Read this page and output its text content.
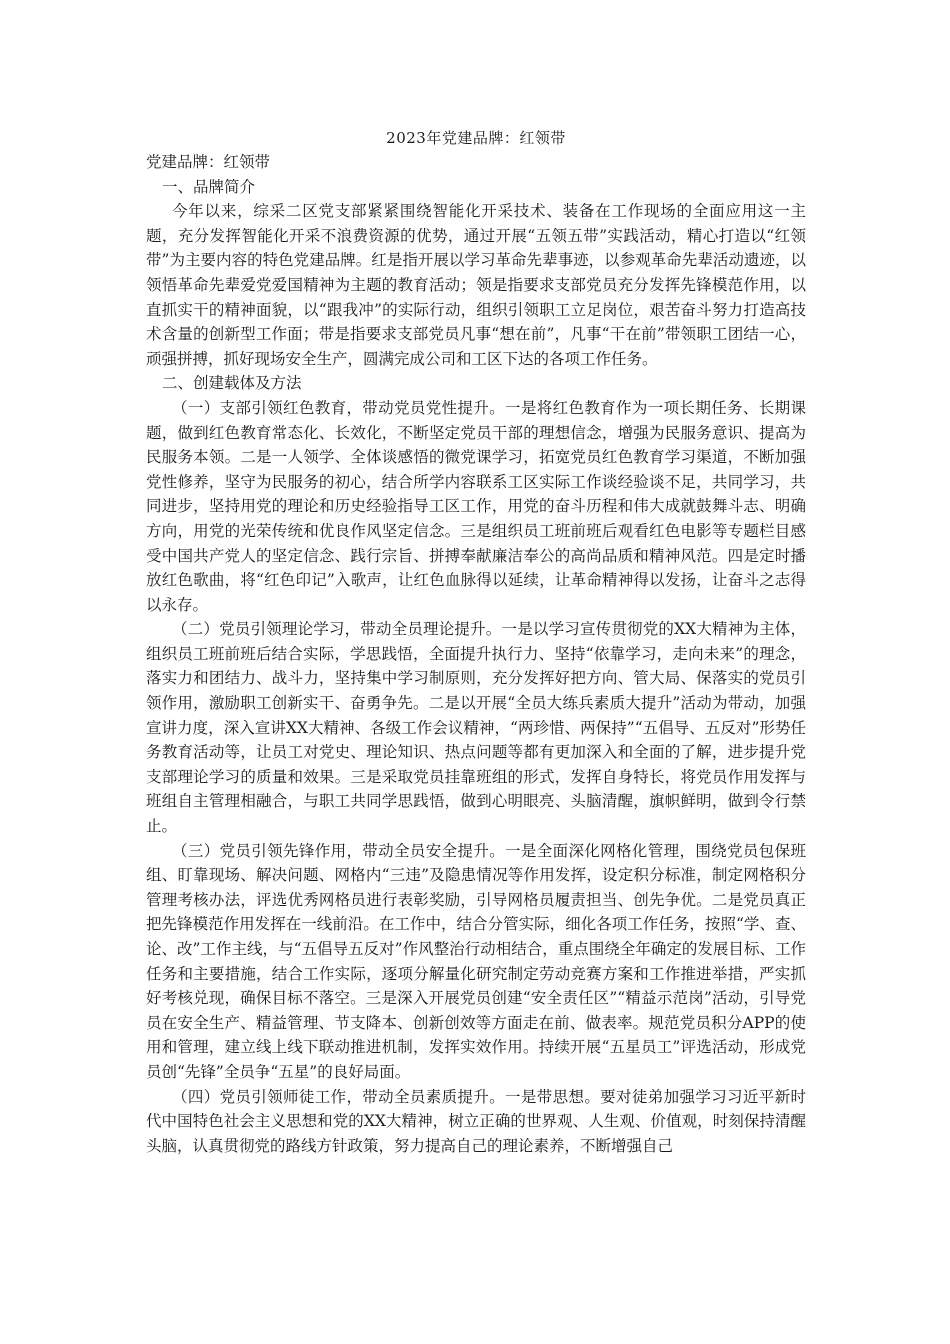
2023年党建品牌：红领带
党建品牌：红领带
一、品牌简介

今年以来，综采二区党支部紧紧围绕智能化开采技术、装备在工作现场的全面应用这一主题，充分发挥智能化开采不浪费资源的优势，通过开展“五领五带”实践活动，精心打造以“红领带”为主要内容的特色党建品牌。红是指开展以学习革命先辈事迹，以参观革命先辈活动遗迹，以领悟革命先辈爱党爱国精神为主题的教育活动；领是指要求支部党员充分发挥先锋模范作用，以直抓实干的精神面貌，以“跟我冲”的实际行动，组织引领职工立足岗位，艰苦奋斗努力打造高技术含量的创新型工作面；带是指要求支部党员凡事“想在前”，凡事“干在前”带领职工团结一心，顽强拼搏，抓好现场安全生产，圆满完成公司和工区下达的各项工作任务。

二、创建载体及方法

（一）支部引领红色教育，带动党员党性提升。一是将红色教育作为一项长期任务、长期课题，做到红色教育常态化、长效化，不断坚定党员干部的理想信念，增强为民服务意识、提高为民服务本领。二是一人领学、全体谈感悟的微党课学习，拓宽党员红色教育学习渠道，不断加强党性修养，坚守为民服务的初心，结合所学内容联系工区实际工作谈经验谈不足，共同学习，共同进步，坚持用党的理论和历史经验指导工区工作，用党的奋斗历程和伟大成就鼓舞斗志、明确方向，用党的光荣传统和优良作风坚定信念。三是组织员工班前班后观看红色电影等专题栏目感受中国共产党人的坚定信念、践行宗旨、拼搏奉献廉洁奉公的高尚品质和精神风范。四是定时播放红色歌曲，将“红色印记”入歌声，让红色血脉得以延续，让革命精神得以发扬，让奋斗之志得以永存。

（二）党员引领理论学习，带动全员理论提升。一是以学习宣传贯彻党的XX大精神为主体，组织员工班前班后结合实际，学思践悟，全面提升执行力、坚持“依靠学习，走向未来”的理念，落实力和团结力、战斗力，坚持集中学习制原则，充分发挥好把方向、管大局、保落实的党员引领作用，激励职工创新实干、奋勇争先。二是以开展“全员大练兵素质大提升”活动为带动，加强宣讲力度，深入宣讲XX大精神、各级工作会议精神，“两珍惜、两保持”“五倡导、五反对”形势任务教育活动等，让员工对党史、理论知识、热点问题等都有更加深入和全面的了解，进步提升党支部理论学习的质量和效果。三是采取党员挂靠班组的形式，发挥自身特长，将党员作用发挥与班组自主管理相融合，与职工共同学思践悟，做到心明眼亮、头脑清醒，旗帜鲜明，做到令行禁止。

（三）党员引领先锋作用，带动全员安全提升。一是全面深化网格化管理，围绕党员包保班组、盯靠现场、解决问题、网格内“三违”及隐患情况等作用发挥，设定积分标准，制定网格积分管理考核办法，评选优秀网格员进行表彰奖励，引导网格员履责担当、创先争优。二是党员真正把先锋模范作用发挥在一线前沿。在工作中，结合分管实际，细化各项工作任务，按照“学、查、论、改”工作主线，与“五倡导五反对”作风整治行动相结合，重点围绕全年确定的发展目标、工作任务和主要措施，结合工作实际，逐项分解量化研究制定劳动竞赛方案和工作推进举措，严实抓好考核兑现，确保目标不落空。三是深入开展党员创建“安全责任区”“精益示范岗”活动，引导党员在安全生产、精益管理、节支降本、创新创效等方面走在前、做表率。规范党员积分APP的使用和管理，建立线上线下联动推进机制，发挥实效作用。持续开展“五星员工”评选活动，形成党员创“先锋”全员争“五星”的良好局面。

（四）党员引领师徒工作，带动全员素质提升。一是带思想。要对徒弟加强学习习近平新时代中国特色社会主义思想和党的XX大精神，树立正确的世界观、人生观、价值观，时刻保持清醒头脑，认真贯彻党的路线方针政策，努力提高自己的理论素养，不断增强自己
